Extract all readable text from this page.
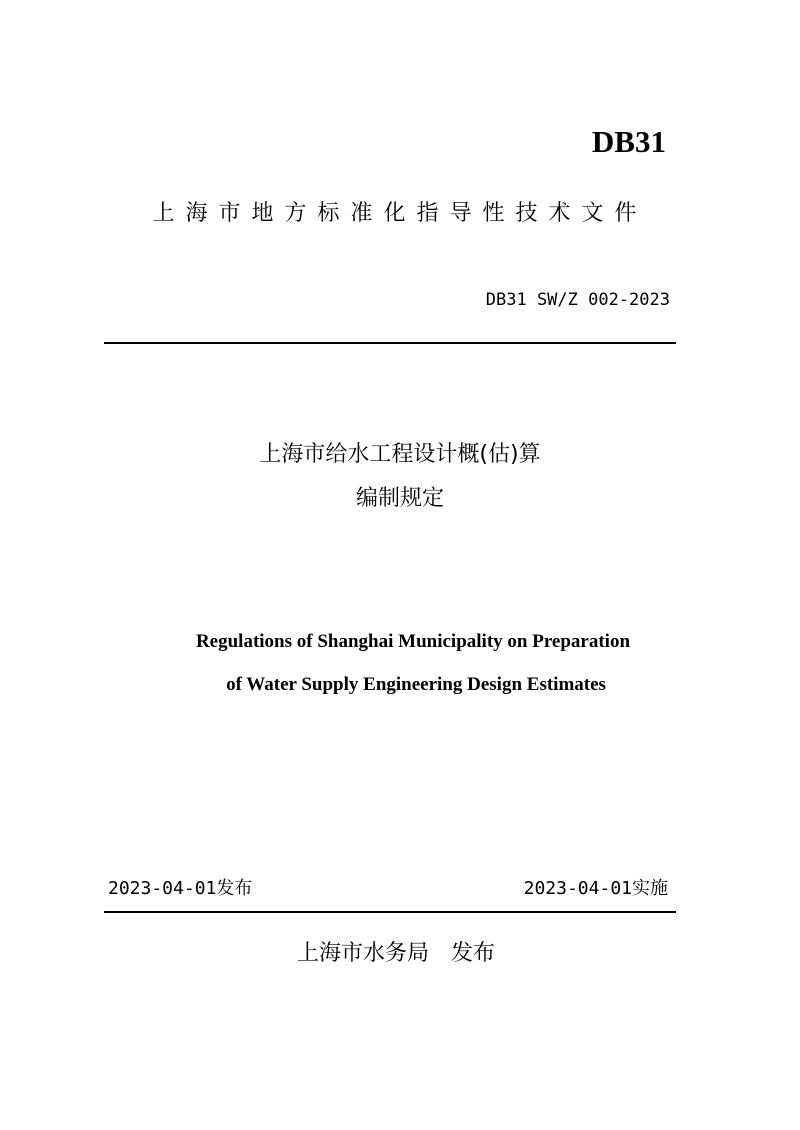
DB31
上海市地方标准化指导性技术文件
DB31 SW/Z 002-2023
上海市给水工程设计概(估)算
编制规定
Regulations of Shanghai Municipality on Preparation
of Water Supply Engineering Design Estimates
2023-04-01发布	2023-04-01实施
上海市水务局　发布
